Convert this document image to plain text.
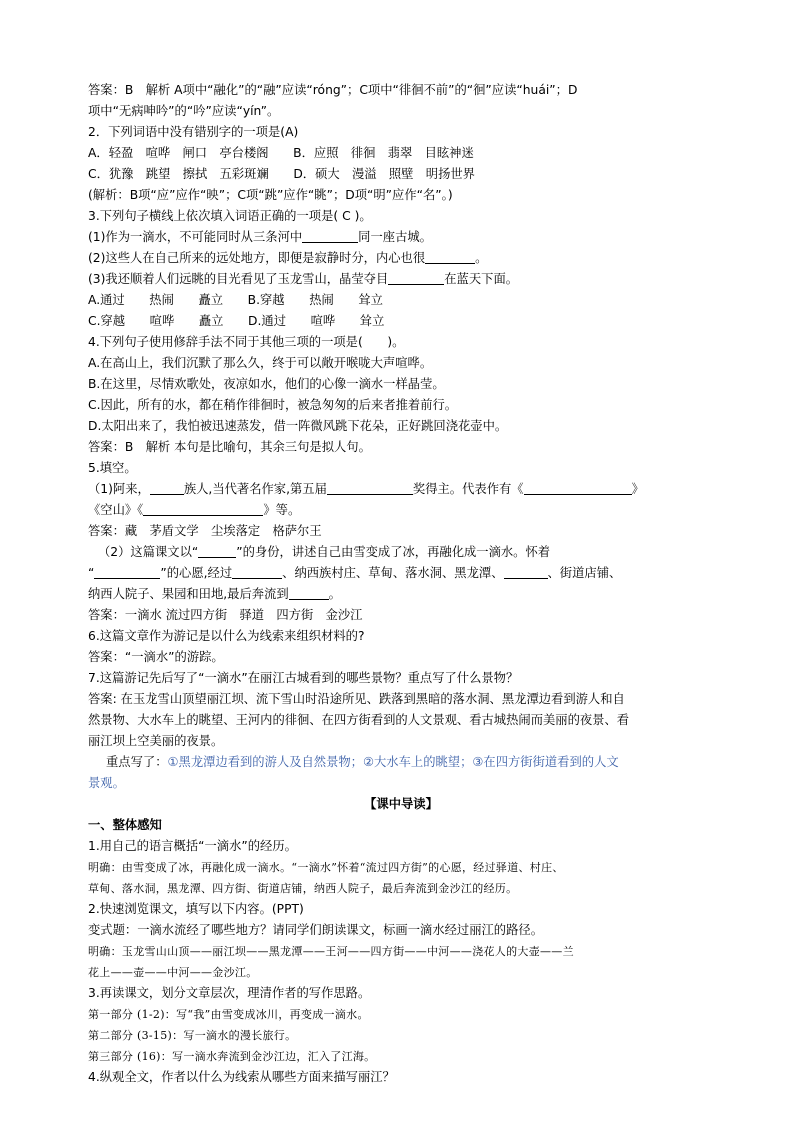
答案：B　解析 A项中“融化”的“融”应读“róng”；C项中“徘徊不前”的“徊”应读“huái”；D
项中“无病呻吟”的“吟”应读“yín”。
2．下列词语中没有错别字的一项是(A)
A．轻盈　喧哗　闸口　亭台楼阁　　B．应照　徘徊　翡翠　目眩神迷
C．犹豫　跳望　擦拭　五彩斑斓　　D．硕大　漫溢　照壁　明扬世界
(解析：B项“应”应作“映”；C项“跳”应作“眺”；D项“明”应作“名”。)
3.下列句子横线上依次填入词语正确的一项是( C )。
(1)作为一滴水，不可能同时从三条河中	同一座古城。
(2)这些人在自己所来的远处地方，即便是寂静时分，内心也很	。
(3)我还顺着人们远眺的目光看见了玉龙雪山，晶莹夺目	在蓝天下面。
A.通过　　热闹　　矗立　　B.穿越　　热闹　　耸立
C.穿越　　喧哗　　矗立　　D.通过　　喧哗　　耸立
4.下列句子使用修辞手法不同于其他三项的一项是(　　)。
A.在高山上，我们沉默了那么久，终于可以敞开喉咙大声喧哗。
B.在这里，尽情欢歌处，夜凉如水，他们的心像一滴水一样晶莹。
C.因此，所有的水，都在稍作徘徊时，被急匆匆的后来者推着前行。
D.太阳出来了，我怕被迅速蒸发，借一阵微风跳下花朵，正好跳回浇花壶中。
答案：B　解析 本句是比喻句，其余三句是拟人句。
5.填空。
（1)阿来，	族人,当代著名作家,第五届	奖得主。代表作有《	》
《空山》《	》等。
答案：藏　茅盾文学　尘埃落定　格萨尔王
（2）这篇课文以“	”的身份，讲述自己由雪变成了冰，再融化成一滴水。怀着
“	”的心愿,经过	、纳西族村庄、草甸、落水洞、黑龙潭、	、街道店铺、
纳西人院子、果园和田地,最后奔流到	。
答案：一滴水 流过四方街　驿道　四方街　金沙江
6.这篇文章作为游记是以什么为线索来组织材料的?
答案：“一滴水”的游踪。
7.这篇游记先后写了“一滴水”在丽江古城看到的哪些景物？重点写了什么景物？
答案: 在玉龙雪山顶望丽江坝、流下雪山时沿途所见、跌落到黑暗的落水洞、黑龙潭边看到游人和自
然景物、大水车上的眺望、王河内的徘徊、在四方街看到的人文景观、看古城热闹而美丽的夜景、看
丽江坝上空美丽的夜景。
重点写了：①黑龙潭边看到的游人及自然景物；②大水车上的眺望；③在四方街街道看到的人文
景观。
【课中导读】
一、整体感知
1.用自己的语言概括“一滴水”的经历。
明确：由雪变成了冰，再融化成一滴水。“一滴水”怀着“流过四方街”的心愿，经过驿道、村庄、
草甸、落水洞，黑龙潭、四方街、街道店铺，纳西人院子，最后奔流到金沙江的经历。
2.快速浏览课文，填写以下内容。(PPT)
变式题：一滴水流经了哪些地方？请同学们朗读课文，标画一滴水经过丽江的路径。
明确：玉龙雪山山顶——丽江坝——黑龙潭——王河——四方街——中河——浇花人的大壶——兰
花上——壶——中河——金沙江。
3.再读课文，划分文章层次，理清作者的写作思路。
第一部分 (1-2)：写“我”由雪变成冰川，再变成一滴水。
第二部分 (3-15)：写一滴水的漫长旅行。
第三部分 (16)：写一滴水奔流到金沙江边，汇入了江海。
4.纵观全文，作者以什么为线索从哪些方面来描写丽江？
